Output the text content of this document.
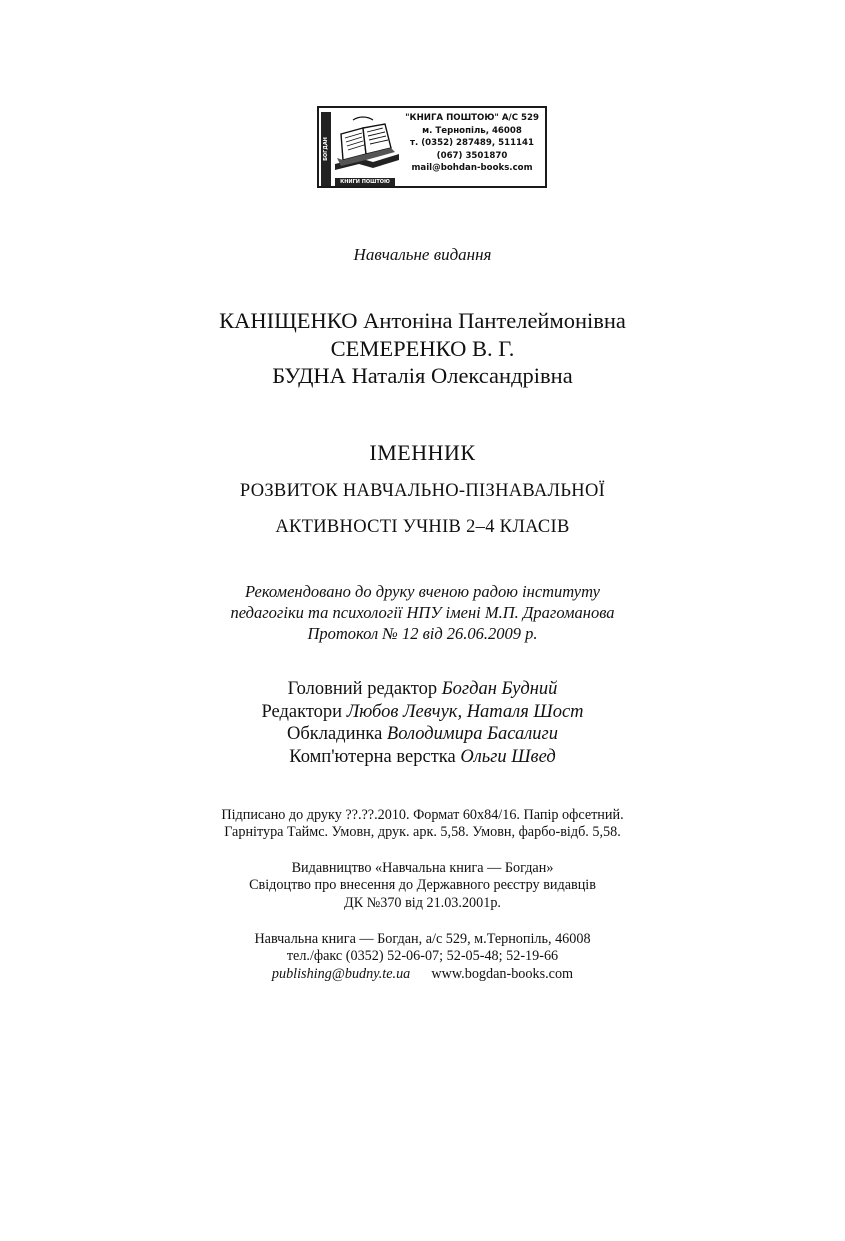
БОГДАН
КНИГИ ПОШТОЮ
"КНИГА ПОШТОЮ" А/С 529
м. Тернопіль, 46008
т. (0352) 287489, 511141
(067) 3501870
mail@bohdan-books.com
Навчальне видання
КАНІЩЕНКО Антоніна Пантелеймонівна
СЕМЕРЕНКО В. Г.
БУДНА Наталія Олександрівна
ІМЕННИК
РОЗВИТОК НАВЧАЛЬНО-ПІЗНАВАЛЬНОЇ
АКТИВНОСТІ УЧНІВ 2–4 КЛАСІВ
Рекомендовано до друку вченою радою інституту
педагогіки та психології НПУ імені М.П. Драгоманова
Протокол № 12 від 26.06.2009 р.
Головний редактор Богдан Будний
Редактори Любов Левчук, Наталя Шост
Обкладинка Володимира Басалиги
Комп'ютерна верстка Ольги Швед
Підписано до друку ??.??.2010. Формат 60х84/16. Папір офсетний.
Гарнітура Таймс. Умовн, друк. арк. 5,58. Умовн, фарбо-відб. 5,58.
Видавництво «Навчальна книга — Богдан»
Свідоцтво про внесення до Державного реєстру видавців
ДК №370 від 21.03.2001р.
Навчальна книга — Богдан, а/с 529, м.Тернопіль, 46008
тел./факс (0352) 52-06-07; 52-05-48; 52-19-66
publishing@budny.te.ua www.bogdan-books.com
